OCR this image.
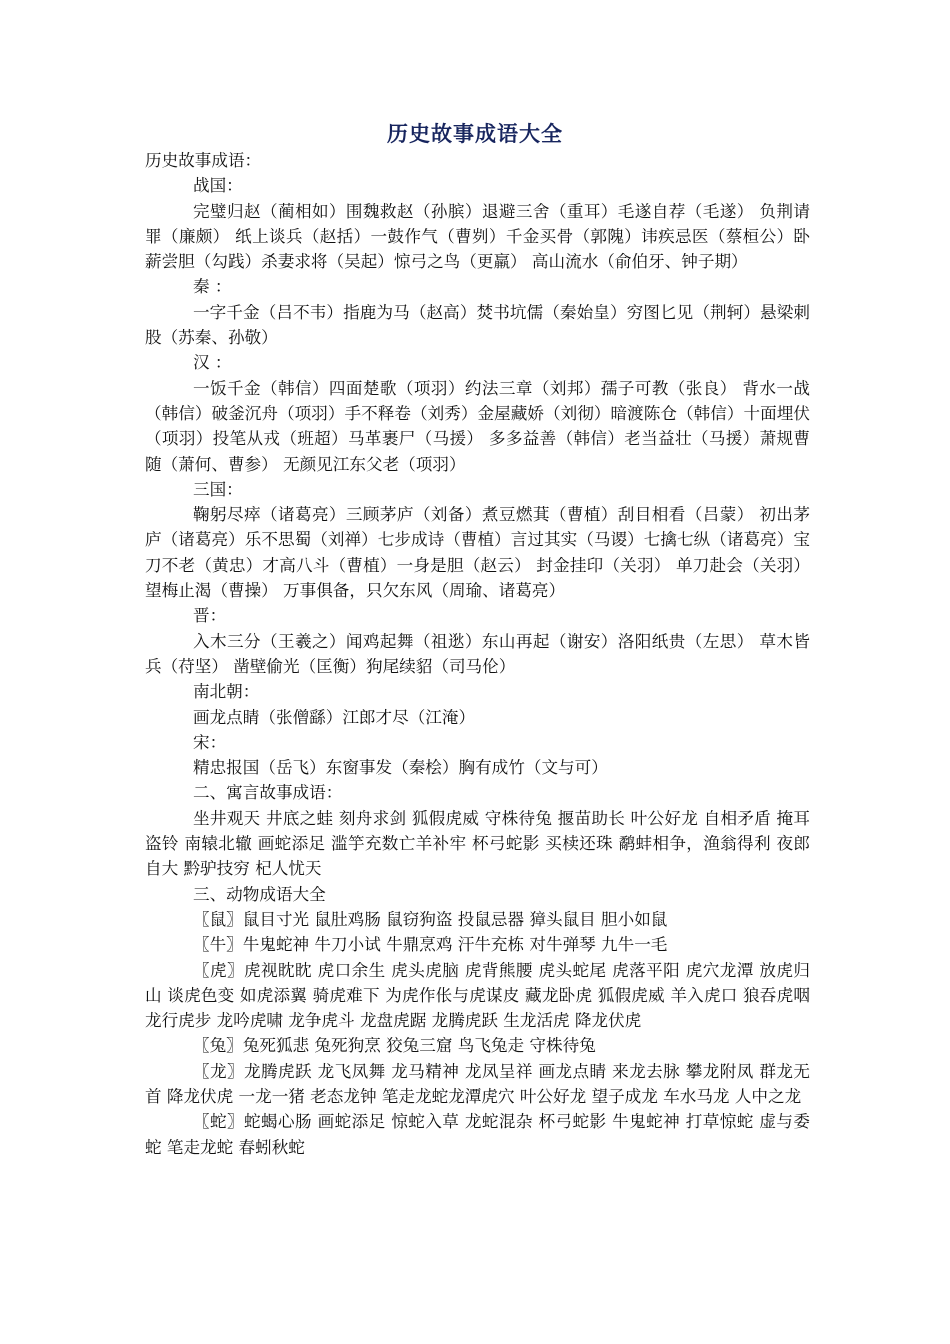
历史故事成语大全

历史故事成语：

战国：

完璧归赵（蔺相如）围魏救赵（孙膑）退避三舍（重耳）毛遂自荐（毛遂） 负荆请罪（廉颇） 纸上谈兵（赵括）一鼓作气（曹刿）千金买骨（郭隗）讳疾忌医（蔡桓公）卧薪尝胆（勾践）杀妻求将（吴起）惊弓之鸟（更羸） 高山流水（俞伯牙、钟子期）

秦 ：

一字千金（吕不韦）指鹿为马（赵高）焚书坑儒（秦始皇）穷图匕见（荆轲）悬梁刺股（苏秦、孙敬）

汉 ：

一饭千金（韩信）四面楚歌（项羽）约法三章（刘邦）孺子可教（张良） 背水一战（韩信）破釜沉舟（项羽）手不释卷（刘秀）金屋藏娇（刘彻）暗渡陈仓（韩信）十面埋伏（项羽）投笔从戎（班超）马革裹尸（马援） 多多益善（韩信）老当益壮（马援）萧规曹随（萧何、曹参） 无颜见江东父老（项羽）

三国：

鞠躬尽瘁（诸葛亮）三顾茅庐（刘备）煮豆燃萁（曹植）刮目相看（吕蒙） 初出茅庐（诸葛亮）乐不思蜀（刘禅）七步成诗（曹植）言过其实（马谡）七擒七纵（诸葛亮）宝刀不老（黄忠）才高八斗（曹植）一身是胆（赵云） 封金挂印（关羽） 单刀赴会（关羽） 望梅止渴（曹操） 万事俱备，只欠东风（周瑜、诸葛亮）

晋：

入木三分（王羲之）闻鸡起舞（祖逖）东山再起（谢安）洛阳纸贵（左思） 草木皆兵（苻坚） 凿壁偷光（匡衡）狗尾续貂（司马伦）

南北朝：

画龙点睛（张僧繇）江郎才尽（江淹）

宋：

精忠报国（岳飞）东窗事发（秦桧）胸有成竹（文与可）

二、寓言故事成语：

坐井观天 井底之蛙 刻舟求剑 狐假虎威 守株待兔 揠苗助长 叶公好龙 自相矛盾 掩耳盗铃 南辕北辙 画蛇添足 滥竽充数亡羊补牢 杯弓蛇影 买椟还珠 鹬蚌相争，渔翁得利 夜郎自大 黔驴技穷 杞人忧天

三、动物成语大全

〖鼠〗鼠目寸光 鼠肚鸡肠 鼠窃狗盗 投鼠忌器 獐头鼠目 胆小如鼠

〖牛〗牛鬼蛇神 牛刀小试 牛鼎烹鸡 汗牛充栋 对牛弹琴 九牛一毛

〖虎〗虎视眈眈 虎口余生 虎头虎脑 虎背熊腰 虎头蛇尾 虎落平阳 虎穴龙潭 放虎归山 谈虎色变 如虎添翼 骑虎难下 为虎作伥与虎谋皮 藏龙卧虎 狐假虎威 羊入虎口 狼吞虎咽 龙行虎步 龙吟虎啸 龙争虎斗 龙盘虎踞 龙腾虎跃 生龙活虎 降龙伏虎

〖兔〗兔死狐悲 兔死狗烹 狡兔三窟 鸟飞兔走 守株待兔

〖龙〗龙腾虎跃 龙飞凤舞 龙马精神 龙凤呈祥 画龙点睛 来龙去脉 攀龙附凤 群龙无首 降龙伏虎 一龙一猪 老态龙钟 笔走龙蛇龙潭虎穴 叶公好龙 望子成龙 车水马龙 人中之龙

〖蛇〗蛇蝎心肠 画蛇添足 惊蛇入草 龙蛇混杂 杯弓蛇影 牛鬼蛇神 打草惊蛇 虚与委蛇 笔走龙蛇 春蚓秋蛇
